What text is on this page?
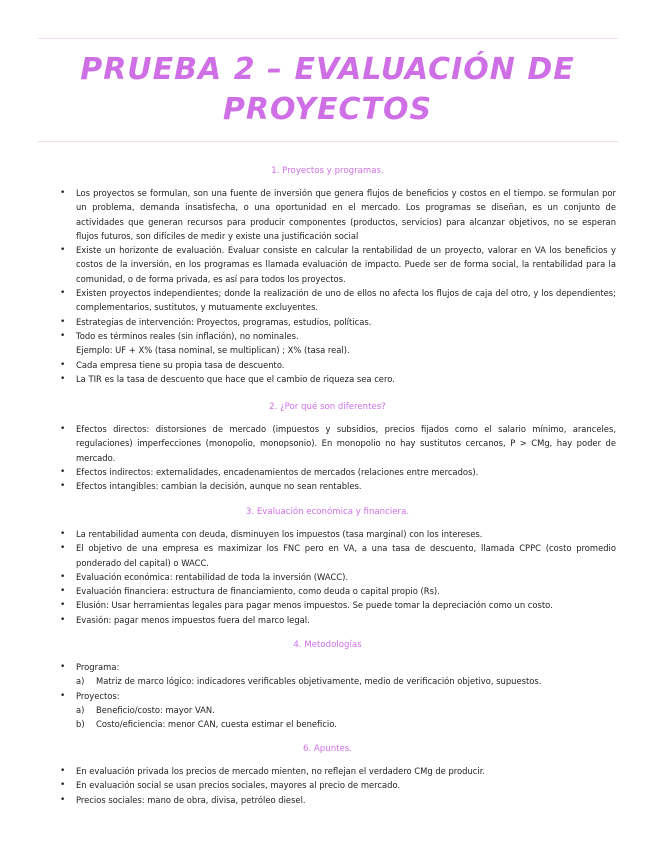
PRUEBA 2 – EVALUACIÓN DE PROYECTOS
1. Proyectos y programas.
• Los proyectos se formulan, son una fuente de inversión que genera flujos de beneficios y costos en el tiempo. se formulan por un problema, demanda insatisfecha, o una oportunidad en el mercado. Los programas se diseñan, es un conjunto de actividades que generan recursos para producir componentes (productos, servicios) para alcanzar objetivos, no se esperan flujos futuros, son difíciles de medir y existe una justificación social
• Existe un horizonte de evaluación. Evaluar consiste en calcular la rentabilidad de un proyecto, valorar en VA los beneficios y costos de la inversión, en los programas es llamada evaluación de impacto. Puede ser de forma social, la rentabilidad para la comunidad, o de forma privada, es así para todos los proyectos.
• Existen proyectos independientes; donde la realización de uno de ellos no afecta los flujos de caja del otro, y los dependientes; complementarios, sustitutos, y mutuamente excluyentes.
• Estrategias de intervención: Proyectos, programas, estudios, políticas.
• Todo es términos reales (sin inflación), no nominales.
Ejemplo: UF + X% (tasa nominal, se multiplican) ; X% (tasa real).
• Cada empresa tiene su propia tasa de descuento.
• La TIR es la tasa de descuento que hace que el cambio de riqueza sea cero.
2. ¿Por qué son diferentes?
• Efectos directos: distorsiones de mercado (impuestos y subsidios, precios fijados como el salario mínimo, aranceles, regulaciones) imperfecciones (monopolio, monopsonio). En monopolio no hay sustitutos cercanos, P > CMg, hay poder de mercado.
• Efectos indirectos: externalidades, encadenamientos de mercados (relaciones entre mercados).
• Efectos intangibles: cambian la decisión, aunque no sean rentables.
3. Evaluación económica y financiera.
• La rentabilidad aumenta con deuda, disminuyen los impuestos (tasa marginal) con los intereses.
• El objetivo de una empresa es maximizar los FNC pero en VA, a una tasa de descuento, llamada CPPC (costo promedio ponderado del capital) o WACC.
• Evaluación económica: rentabilidad de toda la inversión (WACC).
• Evaluación financiera: estructura de financiamiento, como deuda o capital propio (Rs).
• Elusión: Usar herramientas legales para pagar menos impuestos. Se puede tomar la depreciación como un costo.
• Evasión: pagar menos impuestos fuera del marco legal.
4. Metodologías
• Programa:
a) Matriz de marco lógico: indicadores verificables objetivamente, medio de verificación objetivo, supuestos.
• Proyectos:
a) Beneficio/costo: mayor VAN.
b) Costo/eficiencia: menor CAN, cuesta estimar el beneficio.
6. Apuntes.
• En evaluación privada los precios de mercado mienten, no reflejan el verdadero CMg de producir.
• En evaluación social se usan precios sociales, mayores al precio de mercado.
• Precios sociales: mano de obra, divisa, petróleo diesel.
